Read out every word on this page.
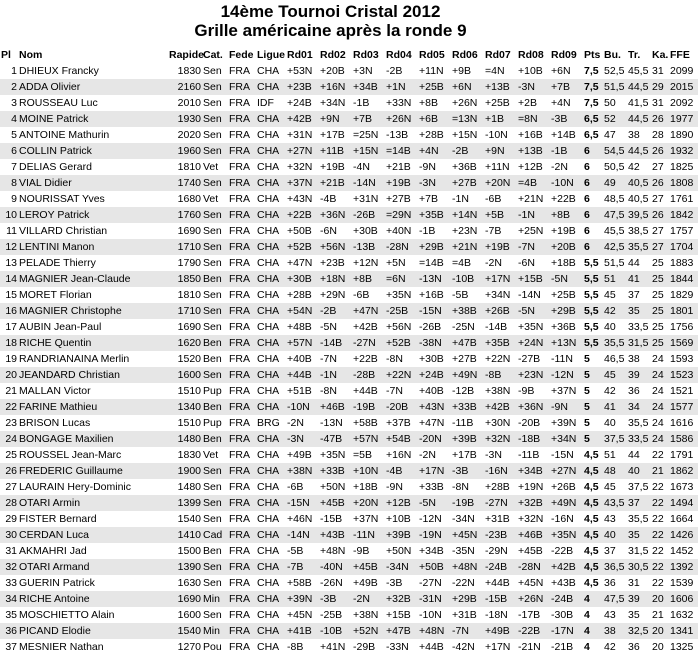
14ème Tournoi Cristal 2012
Grille américaine après la ronde 9
Pl	Nom	Rapide	Cat.	Fede	Ligue	Rd01	Rd02	Rd03	Rd04	Rd05	Rd06	Rd07	Rd08	Rd09	Pts	Bu.	Tr.	Ka.	FFE
1	DHIEUX Francky	1830	Sen	FRA	CHA	+53N	+20B	+3N	-2B	+11N	+9B	=4N	+10B	+6N	7,5	52,5	45,5	31	2099
2	ADDA Olivier	2160	Sen	FRA	CHA	+23B	+16N	+34B	+1N	+25B	+6N	+13B	-3N	+7B	7,5	51,5	44,5	29	2015
3	ROUSSEAU Luc	2010	Sen	FRA	IDF	+24B	+34N	-1B	+33N	+8B	+26N	+25B	+2B	+4N	7,5	50	41,5	31	2092
4	MOINE Patrick	1930	Sen	FRA	CHA	+42B	+9N	+7B	+26N	+6B	=13N	+1B	=8N	-3B	6,5	52	44,5	26	1977
5	ANTOINE Mathurin	2020	Sen	FRA	CHA	+31N	+17B	=25N	-13B	+28B	+15N	-10N	+16B	+14B	6,5	47	38	28	1890
6	COLLIN Patrick	1960	Sen	FRA	CHA	+27N	+11B	+15N	=14B	+4N	-2B	+9N	+13B	-1B	6	54,5	44,5	26	1932
7	DELIAS Gerard	1810	Vet	FRA	CHA	+32N	+19B	-4N	+21B	-9N	+36B	+11N	+12B	-2N	6	50,5	42	27	1825
8	VIAL Didier	1740	Sen	FRA	CHA	+37N	+21B	-14N	+19B	-3N	+27B	+20N	=4B	-10N	6	49	40,5	26	1808
9	NOURISSAT Yves	1680	Vet	FRA	CHA	+43N	-4B	+31N	+27B	+7B	-1N	-6B	+21N	+22B	6	48,5	40,5	27	1761
10	LEROY Patrick	1760	Sen	FRA	CHA	+22B	+36N	-26B	=29N	+35B	+14N	+5B	-1N	+8B	6	47,5	39,5	26	1842
11	VILLARD Christian	1690	Sen	FRA	CHA	+50B	-6N	+30B	+40N	-1B	+23N	-7B	+25N	+19B	6	45,5	38,5	27	1757
12	LENTINI Manon	1710	Sen	FRA	CHA	+52B	+56N	-13B	-28N	+29B	+21N	+19B	-7N	+20B	6	42,5	35,5	27	1704
13	PELADE Thierry	1790	Sen	FRA	CHA	+47N	+23B	+12N	+5N	=14B	=4B	-2N	-6N	+18B	5,5	51,5	44	25	1883
14	MAGNIER Jean-Claude	1850	Ben	FRA	CHA	+30B	+18N	+8B	=6N	-13N	-10B	+17N	+15B	-5N	5,5	51	41	25	1844
15	MORET Florian	1810	Sen	FRA	CHA	+28B	+29N	-6B	+35N	+16B	-5B	+34N	-14N	+25B	5,5	45	37	25	1829
16	MAGNIER Christophe	1710	Sen	FRA	CHA	+54N	-2B	+47N	-25B	-15N	+38B	+26B	-5N	+29B	5,5	42	35	25	1801
17	AUBIN Jean-Paul	1690	Sen	FRA	CHA	+48B	-5N	+42B	+56N	-26B	-25N	-14B	+35N	+36B	5,5	40	33,5	25	1756
18	RICHE Quentin	1620	Ben	FRA	CHA	+57N	-14B	-27N	+52B	-38N	+47B	+35B	+24N	+13N	5,5	35,5	31,5	25	1569
19	RANDRIANAINA Merlin	1520	Ben	FRA	CHA	+40B	-7N	+22B	-8N	+30B	+27B	+22N	-27B	-11N	5	46,5	38	24	1593
20	JEANDARD Christian	1600	Sen	FRA	CHA	+44B	-1N	-28B	+22N	+24B	+49N	-8B	+23N	-12N	5	45	39	24	1523
21	MALLAN Victor	1510	Pup	FRA	CHA	+51B	-8N	+44B	-7N	+40B	-12B	+38N	-9B	+37N	5	42	36	24	1521
22	FARINE Mathieu	1340	Ben	FRA	CHA	-10N	+46B	-19B	-20B	+43N	+33B	+42B	+36N	-9N	5	41	34	24	1577
23	BRISON Lucas	1510	Pup	FRA	BRG	-2N	-13N	+58B	+37B	+47N	-11B	+30N	-20B	+39N	5	40	35,5	24	1616
24	BONGAGE Maxilien	1480	Ben	FRA	CHA	-3N	-47B	+57N	+54B	-20N	+39B	+32N	-18B	+34N	5	37,5	33,5	24	1586
25	ROUSSEL Jean-Marc	1830	Vet	FRA	CHA	+49B	+35N	=5B	+16N	-2N	+17B	-3N	-11B	-15N	4,5	51	44	22	1791
26	FREDERIC Guillaume	1900	Sen	FRA	CHA	+38N	+33B	+10N	-4B	+17N	-3B	-16N	+34B	+27N	4,5	48	40	21	1862
27	LAURAIN Hery-Dominic	1480	Sen	FRA	CHA	-6B	+50N	+18B	-9N	+33B	-8N	+28B	+19N	+26B	4,5	45	37,5	22	1673
28	OTARI Armin	1399	Sen	FRA	CHA	-15N	+45B	+20N	+12B	-5N	-19B	-27N	+32B	+49N	4,5	43,5	37	22	1494
29	FISTER Bernard	1540	Sen	FRA	CHA	+46N	-15B	+37N	+10B	-12N	-34N	+31B	+32N	-16N	4,5	43	35,5	22	1664
30	CERDAN Luca	1410	Cad	FRA	CHA	-14N	+43B	-11N	+39B	-19N	+45N	-23B	+46B	+35N	4,5	40	35	22	1426
31	AKMAHRI Jad	1500	Ben	FRA	CHA	-5B	+48N	-9B	+50N	+34B	-35N	-29N	+45B	-22B	4,5	37	31,5	22	1452
32	OTARI Armand	1390	Sen	FRA	CHA	-7B	-40N	+45B	-34N	+50B	+48N	-24B	-28N	+42B	4,5	36,5	30,5	22	1392
33	GUERIN Patrick	1630	Sen	FRA	CHA	+58B	-26N	+49B	-3B	-27N	-22N	+44B	+45N	+43B	4,5	36	31	22	1539
34	RICHE Antoine	1690	Min	FRA	CHA	+39N	-3B	-2N	+32B	-31N	+29B	-15B	+26N	-24B	4	47,5	39	20	1606
35	MOSCHIETTO Alain	1600	Sen	FRA	CHA	+45N	-25B	+38N	+15B	-10N	+31B	-18N	-17B	-30B	4	43	35	21	1632
36	PICAND Elodie	1540	Min	FRA	CHA	+41B	-10B	+52N	+47B	+48N	-7N	+49B	-22B	-17N	4	38	32,5	20	1341
37	MESNIER Nathan	1270	Pou	FRA	CHA	-8B	+41N	-29B	-33N	+44B	-42N	+17N	-21N	-21B	4	42	36	20	1325
